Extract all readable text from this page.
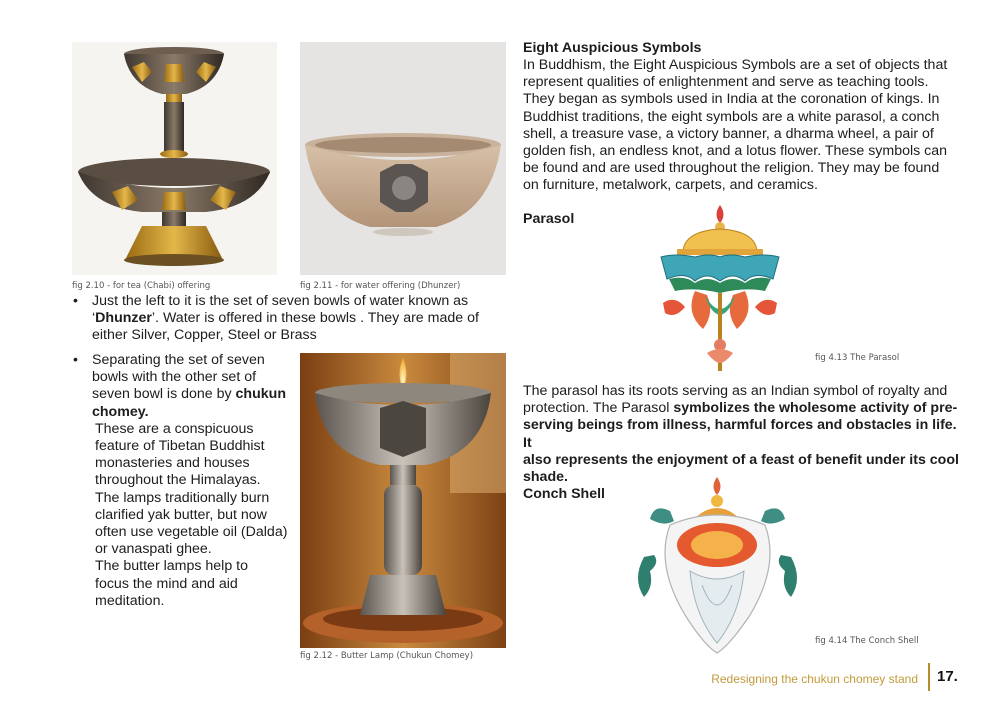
fig 2.10 - for tea (Chabi) offering	fig 2.11 - for water offering (Dhunzer)
• Just the left to it is the set of seven bowls of water known as
‘Dhunzer’. Water is offered in these bowls . They are made of
either Silver, Copper, Steel or Brass
• Separating the set of seven
bowls with the other set of
seven bowl is done by chukun
chomey.
These are a conspicuous
feature of Tibetan Buddhist
monasteries and houses
throughout the Himalayas.
The lamps traditionally burn
clarified yak butter, but now
often use vegetable oil (Dalda)
or vanaspati ghee.
The butter lamps help to
focus the mind and aid
meditation.
fig 2.12 - Butter Lamp (Chukun Chomey)
Eight Auspicious Symbols
In Buddhism, the Eight Auspicious Symbols are a set of objects that
represent qualities of enlightenment and serve as teaching tools.
They began as symbols used in India at the coronation of kings. In
Buddhist traditions, the eight symbols are a white parasol, a conch
shell, a treasure vase, a victory banner, a dharma wheel, a pair of
golden fish, an endless knot, and a lotus flower. These symbols can
be found and are used throughout the religion. They may be found
on furniture, metalwork, carpets, and ceramics.
Parasol
fig 4.13 The Parasol
The parasol has its roots serving as an Indian symbol of royalty and
protection. The Parasol symbolizes the wholesome activity of pre-
serving beings from illness, harmful forces and obstacles in life. It
also represents the enjoyment of a feast of benefit under its cool
shade.
Conch Shell
fig 4.14 The Conch Shell
Redesigning the chukun chomey stand 17.
